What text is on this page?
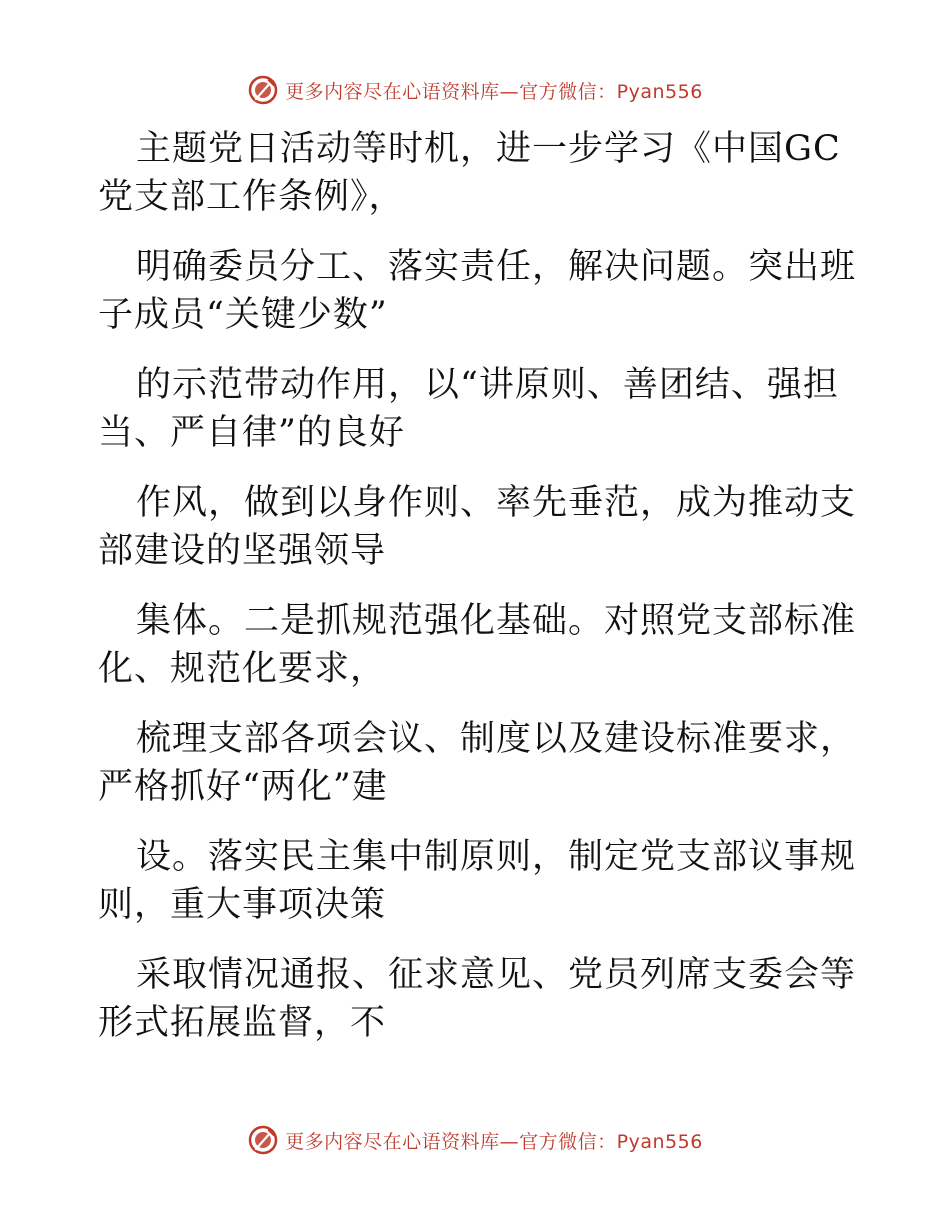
更多内容尽在心语资料库—官方微信：Pyan556

主题党日活动等时机，进一步学习《中国GC党支部工作条例》，

明确委员分工、落实责任，解决问题。突出班子成员“关键少数”

的示范带动作用，以“讲原则、善团结、强担当、严自律”的良好

作风，做到以身作则、率先垂范，成为推动支部建设的坚强领导

集体。二是抓规范强化基础。对照党支部标准化、规范化要求，

梳理支部各项会议、制度以及建设标准要求，严格抓好“两化”建

设。落实民主集中制原则，制定党支部议事规则，重大事项决策

采取情况通报、征求意见、党员列席支委会等形式拓展监督，不

更多内容尽在心语资料库—官方微信：Pyan556
